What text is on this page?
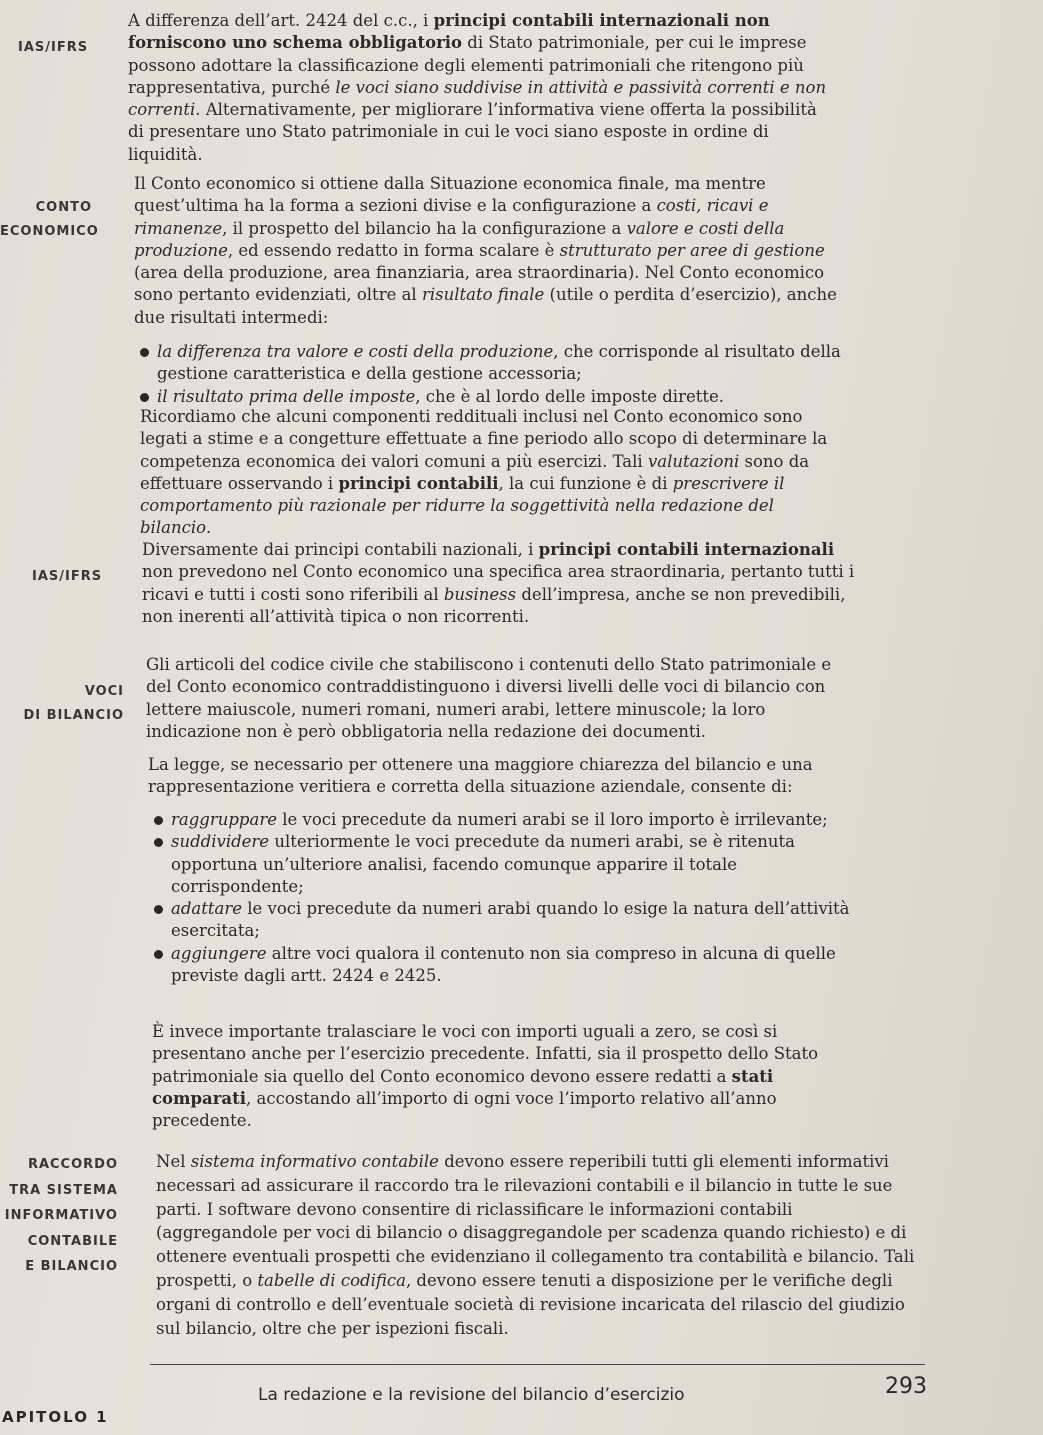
IAS/IFRS
CONTO
ECONOMICO
IAS/IFRS
VOCI
DI BILANCIO
RACCORDO
TRA SISTEMA
INFORMATIVO
CONTABILE
E BILANCIO
A differenza dell’art. 2424 del c.c., i principi contabili internazionali non forniscono uno schema obbligatorio di Stato patrimoniale, per cui le imprese possono adottare la classificazione degli elementi patrimoniali che ritengono più rappresentativa, purché le voci siano suddivise in attività e passività correnti e non correnti. Alternativamente, per migliorare l’informativa viene offerta la possibilità di presentare uno Stato patrimoniale in cui le voci siano esposte in ordine di liquidità.
Il Conto economico si ottiene dalla Situazione economica finale, ma mentre quest’ultima ha la forma a sezioni divise e la configurazione a costi, ricavi e rimanenze, il prospetto del bilancio ha la configurazione a valore e costi della produzione, ed essendo redatto in forma scalare è strutturato per aree di gestione (area della produzione, area finanziaria, area straordinaria). Nel Conto economico sono pertanto evidenziati, oltre al risultato finale (utile o perdita d’esercizio), anche due risultati intermedi:
la differenza tra valore e costi della produzione, che corrisponde al risultato della gestione caratteristica e della gestione accessoria;
il risultato prima delle imposte, che è al lordo delle imposte dirette.
Ricordiamo che alcuni componenti reddituali inclusi nel Conto economico sono legati a stime e a congetture effettuate a fine periodo allo scopo di determinare la competenza economica dei valori comuni a più esercizi. Tali valutazioni sono da effettuare osservando i principi contabili, la cui funzione è di prescrivere il comportamento più razionale per ridurre la soggettività nella redazione del bilancio.
Diversamente dai principi contabili nazionali, i principi contabili internazionali non prevedono nel Conto economico una specifica area straordinaria, pertanto tutti i ricavi e tutti i costi sono riferibili al business dell’impresa, anche se non prevedibili, non inerenti all’attività tipica o non ricorrenti.
Gli articoli del codice civile che stabiliscono i contenuti dello Stato patrimoniale e del Conto economico contraddistinguono i diversi livelli delle voci di bilancio con lettere maiuscole, numeri romani, numeri arabi, lettere minuscole; la loro indicazione non è però obbligatoria nella redazione dei documenti.
La legge, se necessario per ottenere una maggiore chiarezza del bilancio e una rappresentazione veritiera e corretta della situazione aziendale, consente di:
raggruppare le voci precedute da numeri arabi se il loro importo è irrilevante;
suddividere ulteriormente le voci precedute da numeri arabi, se è ritenuta opportuna un’ulteriore analisi, facendo comunque apparire il totale corrispondente;
adattare le voci precedute da numeri arabi quando lo esige la natura dell’attività esercitata;
aggiungere altre voci qualora il contenuto non sia compreso in alcuna di quelle previste dagli artt. 2424 e 2425.
È invece importante tralasciare le voci con importi uguali a zero, se così si presentano anche per l’esercizio precedente. Infatti, sia il prospetto dello Stato patrimoniale sia quello del Conto economico devono essere redatti a stati comparati, accostando all’importo di ogni voce l’importo relativo all’anno precedente.
Nel sistema informativo contabile devono essere reperibili tutti gli elementi informativi necessari ad assicurare il raccordo tra le rilevazioni contabili e il bilancio in tutte le sue parti. I software devono consentire di riclassificare le informazioni contabili (aggregandole per voci di bilancio o disaggregandole per scadenza quando richiesto) e di ottenere eventuali prospetti che evidenziano il collegamento tra contabilità e bilancio. Tali prospetti, o tabelle di codifica, devono essere tenuti a disposizione per le verifiche degli organi di controllo e dell’eventuale società di revisione incaricata del rilascio del giudizio sul bilancio, oltre che per ispezioni fiscali.
La redazione e la revisione del bilancio d’esercizio	293
APITOLO 1
